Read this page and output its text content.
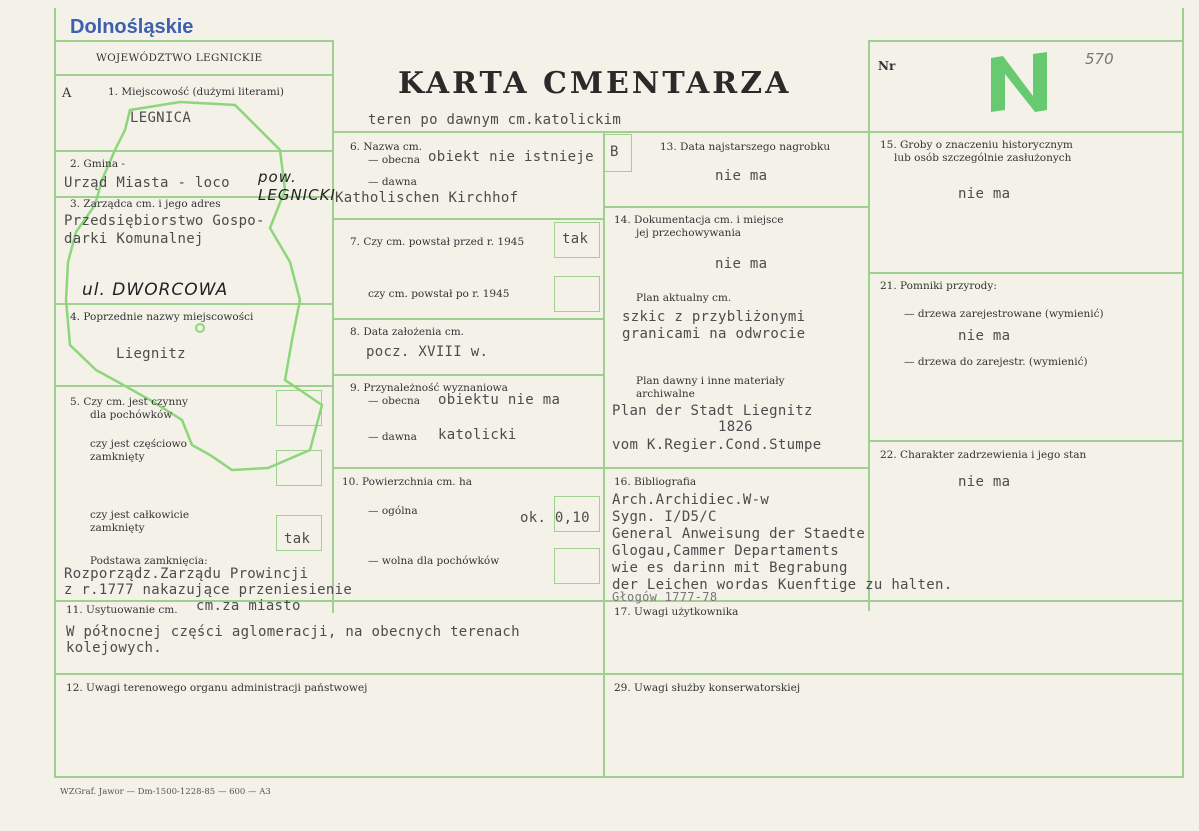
Dolnośląskie
WOJEWÓDZTWO LEGNICKIE
A	KARTA CMENTARZA	Nr	570
teren po dawnym cm.katolickim
1. Miejscowość (dużymi literami)
LEGNICA
2. Gmina -
Urząd Miasta - loco pow. LEGNICKI
3. Zarządca cm. i jego adres
Przedsiębiorstwo Gospo-
darki Komunalnej
ul. DWORCOWA
4. Poprzednie nazwy miejscowości
Liegnitz
5. Czy cm. jest czynny
dla pochówków
czy jest częściowo
zamknięty
czy jest całkowicie
zamknięty
tak
Podstawa zamknięcia:
Rozporządz.Zarządu Prowincji
z r.1777 nakazujące przeniesienie
11. Usytuowanie cm. cm.za miasto
W północnej części aglomeracji, na obecnych terenach
kolejowych.
12. Uwagi terenowego organu administracji państwowej
6. Nazwa cm.
— obecna obiekt nie istnieje
— dawna
Katholischen Kirchhof
B
7. Czy cm. powstał przed r. 1945	tak
czy cm. powstał po r. 1945
8. Data założenia cm.
pocz. XVIII w.
9. Przynależność wyznaniowa
— obecna obiektu nie ma
— dawna katolicki
10. Powierzchnia cm. ha
— ogólna	ok. 0,10
— wolna dla pochówków
13. Data najstarszego nagrobku
nie ma
14. Dokumentacja cm. i miejsce
jej przechowywania
nie ma
Plan aktualny cm.
szkic z przybliżonymi
granicami na odwrocie
Plan dawny i inne materiały
archiwalne
Plan der Stadt Liegnitz
1826
vom K.Regier.Cond.Stumpe
16. Bibliografia
Arch.Archidiec.W-w
Sygn. I/D5/C
General Anweisung der Staedte
Glogau,Cammer Departaments
wie es darinn mit Begrabung
der Leichen wordas Kuenftige zu halten.
Głogów 1777-78
17. Uwagi użytkownika
29. Uwagi służby konserwatorskiej
15. Groby o znaczeniu historycznym
lub osób szczególnie zasłużonych
nie ma
21. Pomniki przyrody:
— drzewa zarejestrowane (wymienić)
nie ma
— drzewa do zarejestr. (wymienić)
22. Charakter zadrzewienia i jego stan
nie ma
WZGraf. Jawor — Dm-1500-1228-85 — 600 — A3
